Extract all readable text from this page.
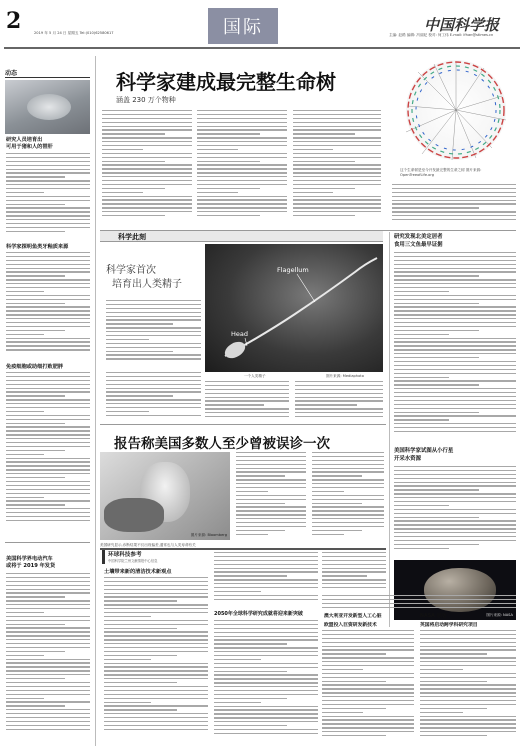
2	2019 年 5 月 24 日 星期五 Tel:(010)62580617	国际	中国科学报
主编: 赵路 编辑: 冯丽妃 校对: 何工伟 E-mail: lfhan@stimes.cn
动态
研究人员培育出
可用于猪和人的替肝
科学家探明鱼类牙釉质来源
免疫细胞或助细打败肥胖
美国科学界电动汽车
或将于 2019 年发货
科学家建成最完整生命树
涵盖 230 万个物种
这个生命树是至今开发最完整的生命之树 图片来源: OpenTreeofLife.org
科学此刻
科学家首次
培育出人类精子
Flagellum
Head
一个人类精子	图片来源: Mediaphoto
研究发现北美定居者
食用三文鱼最早证据
美国科学家试图从小行星
开采水资源
图片来源: NASA
报告称美国多数人至少曾被误诊一次
图片来源: Bloomberg
美国研究显示,诊断结果不仅出现偏差,通常也与人类寿命有关
环球科技参考
中国科学院兰州文献情报中心信息
土壤带来新的清洁技术新观点
2050年全球科学研究成就将迎来新突破	澳大利亚开发新型人工心脏
欧盟投入巨资研发新技术
NASA 启动
英国将启动跨学科研究项目
